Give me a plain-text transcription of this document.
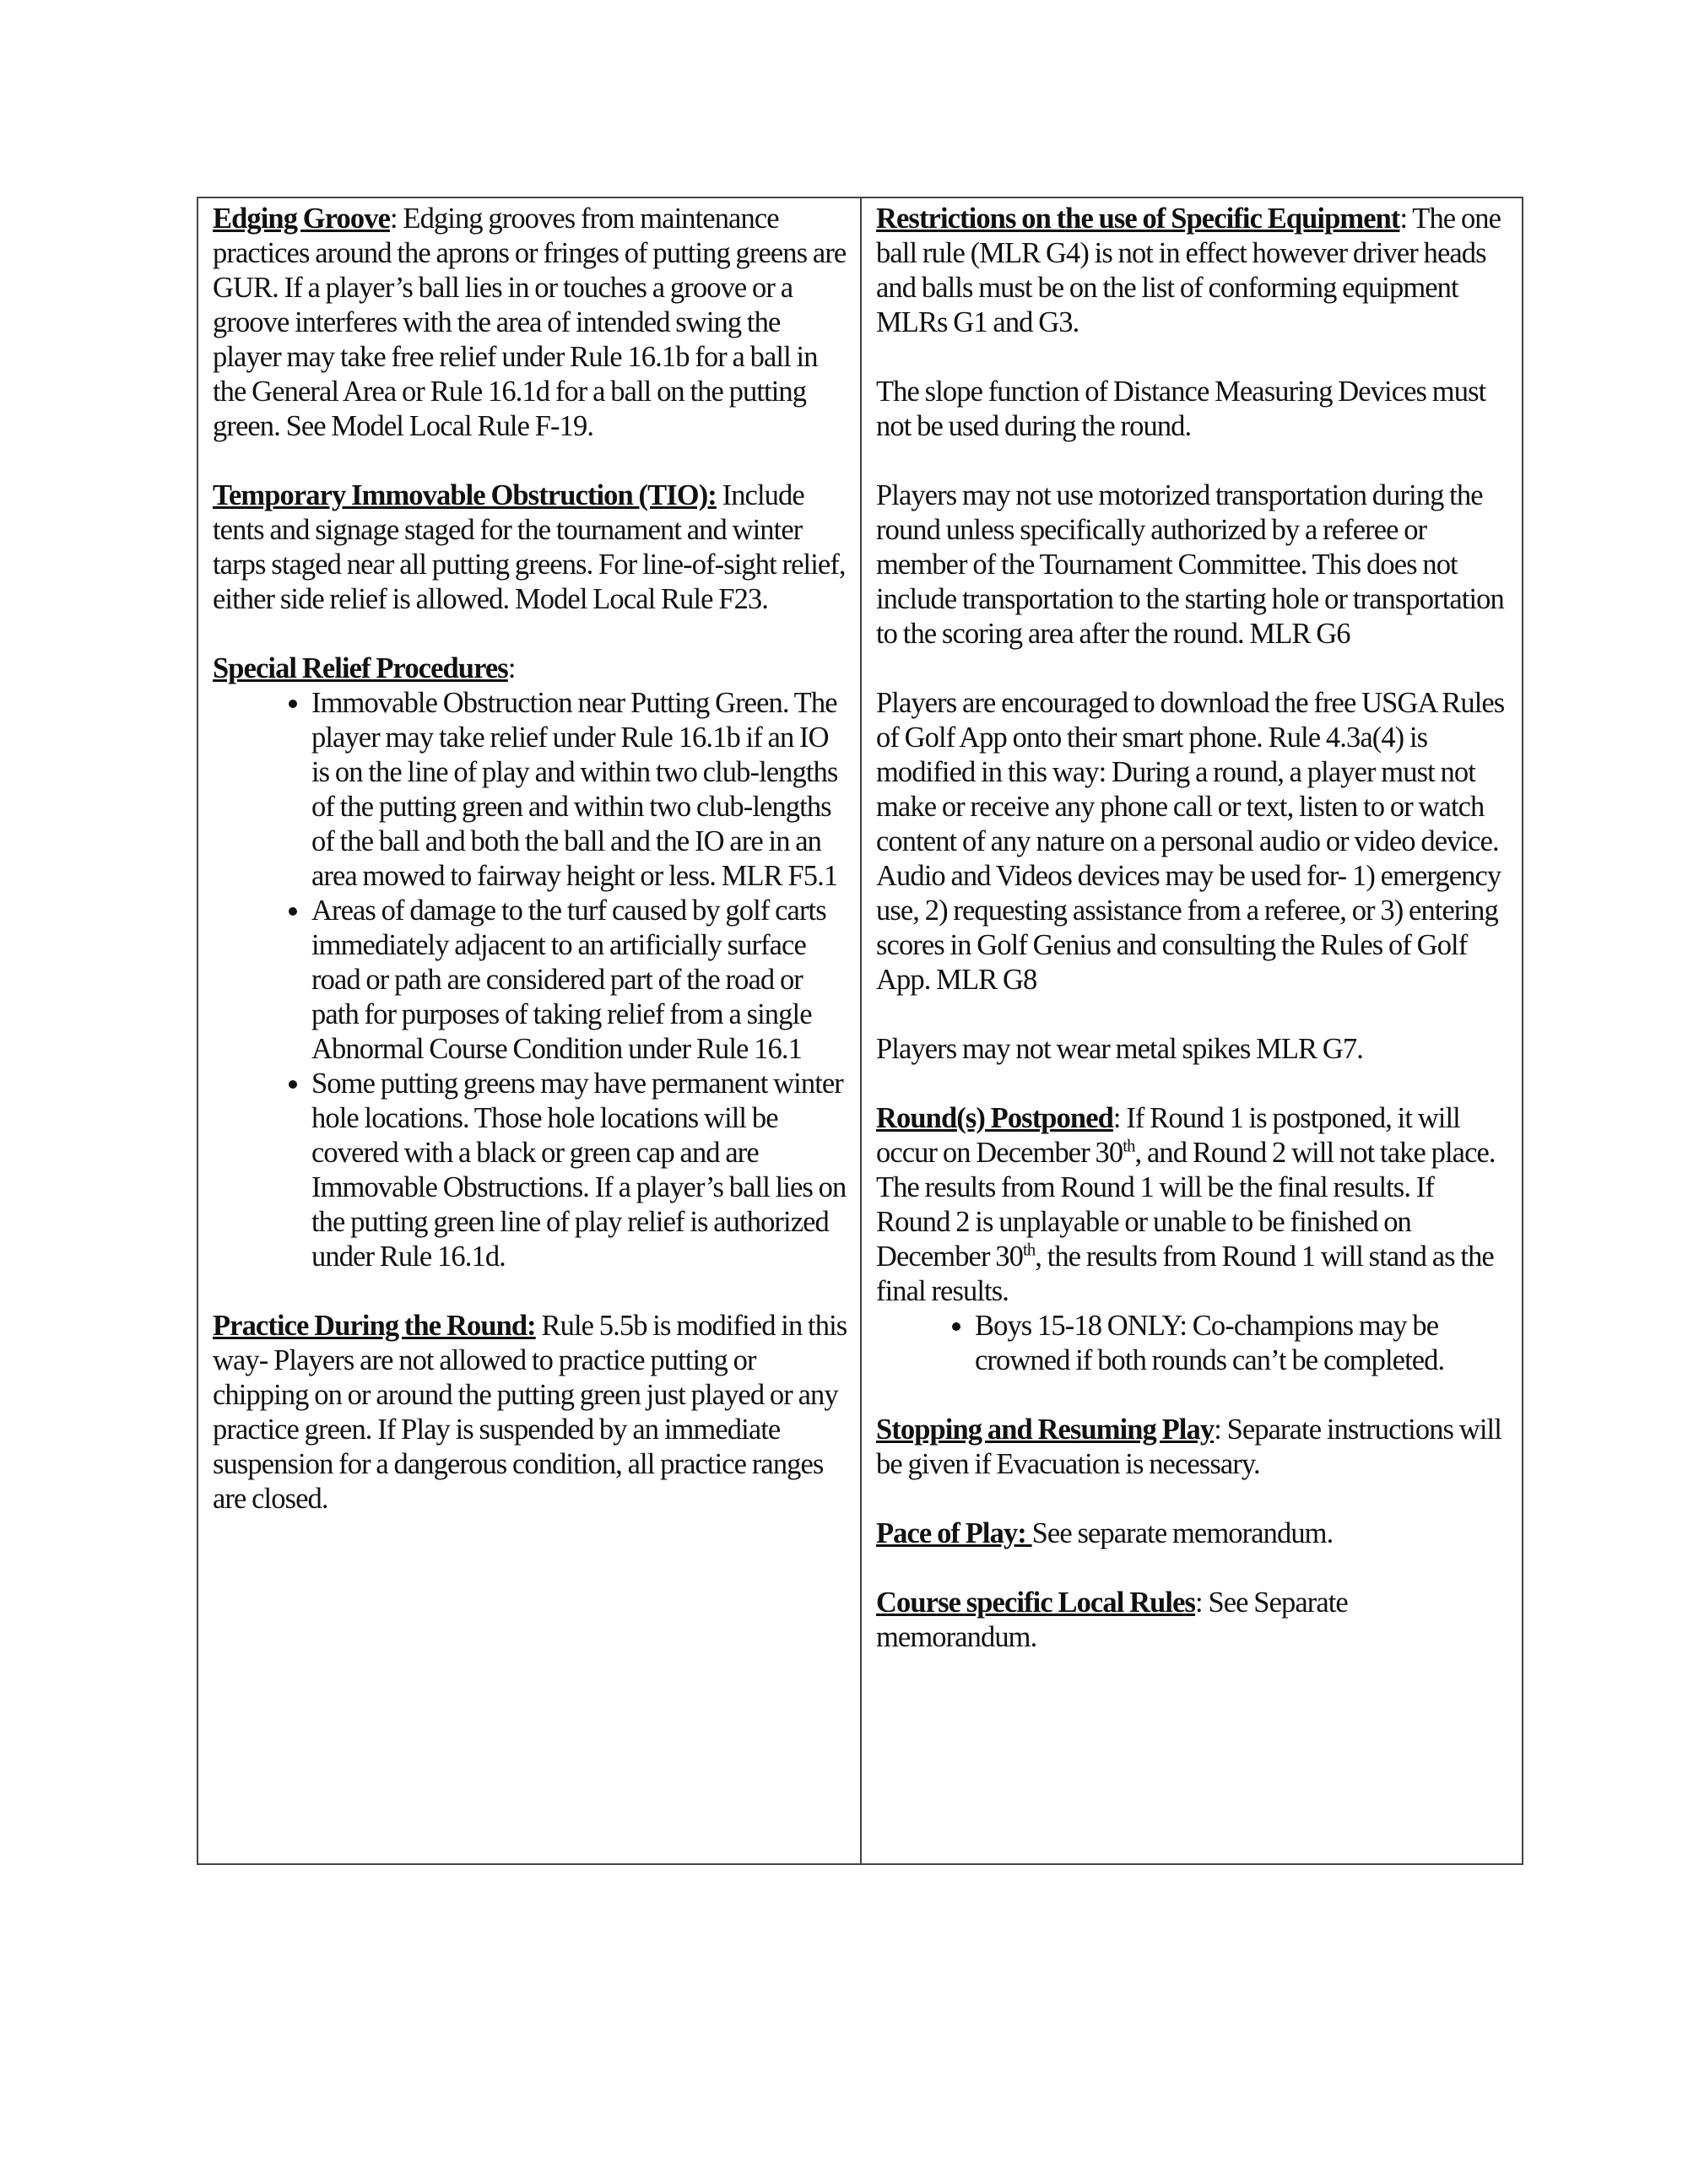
Edging Groove: Edging grooves from maintenance practices around the aprons or fringes of putting greens are GUR. If a player’s ball lies in or touches a groove or a groove interferes with the area of intended swing the player may take free relief under Rule 16.1b for a ball in the General Area or Rule 16.1d for a ball on the putting green. See Model Local Rule F-19.

Temporary Immovable Obstruction (TIO): Include tents and signage staged for the tournament and winter tarps staged near all putting greens. For line-of-sight relief, either side relief is allowed. Model Local Rule F23.

Special Relief Procedures:

• Immovable Obstruction near Putting Green. The player may take relief under Rule 16.1b if an IO is on the line of play and within two club-lengths of the putting green and within two club-lengths of the ball and both the ball and the IO are in an area mowed to fairway height or less. MLR F5.1
• Areas of damage to the turf caused by golf carts immediately adjacent to an artificially surface road or path are considered part of the road or path for purposes of taking relief from a single Abnormal Course Condition under Rule 16.1
• Some putting greens may have permanent winter hole locations. Those hole locations will be covered with a black or green cap and are Immovable Obstructions. If a player’s ball lies on the putting green line of play relief is authorized under Rule 16.1d.

Practice During the Round: Rule 5.5b is modified in this way- Players are not allowed to practice putting or chipping on or around the putting green just played or any practice green. If Play is suspended by an immediate suspension for a dangerous condition, all practice ranges are closed.

Restrictions on the use of Specific Equipment: The one ball rule (MLR G4) is not in effect however driver heads and balls must be on the list of conforming equipment MLRs G1 and G3.

The slope function of Distance Measuring Devices must not be used during the round.

Players may not use motorized transportation during the round unless specifically authorized by a referee or member of the Tournament Committee. This does not include transportation to the starting hole or transportation to the scoring area after the round. MLR G6

Players are encouraged to download the free USGA Rules of Golf App onto their smart phone. Rule 4.3a(4) is modified in this way: During a round, a player must not make or receive any phone call or text, listen to or watch content of any nature on a personal audio or video device. Audio and Videos devices may be used for- 1) emergency use, 2) requesting assistance from a referee, or 3) entering scores in Golf Genius and consulting the Rules of Golf App. MLR G8

Players may not wear metal spikes MLR G7.

Round(s) Postponed: If Round 1 is postponed, it will occur on December 30th, and Round 2 will not take place. The results from Round 1 will be the final results. If Round 2 is unplayable or unable to be finished on December 30th, the results from Round 1 will stand as the final results.

• Boys 15-18 ONLY: Co-champions may be crowned if both rounds can’t be completed.

Stopping and Resuming Play: Separate instructions will be given if Evacuation is necessary.

Pace of Play: See separate memorandum.

Course specific Local Rules: See Separate memorandum.
